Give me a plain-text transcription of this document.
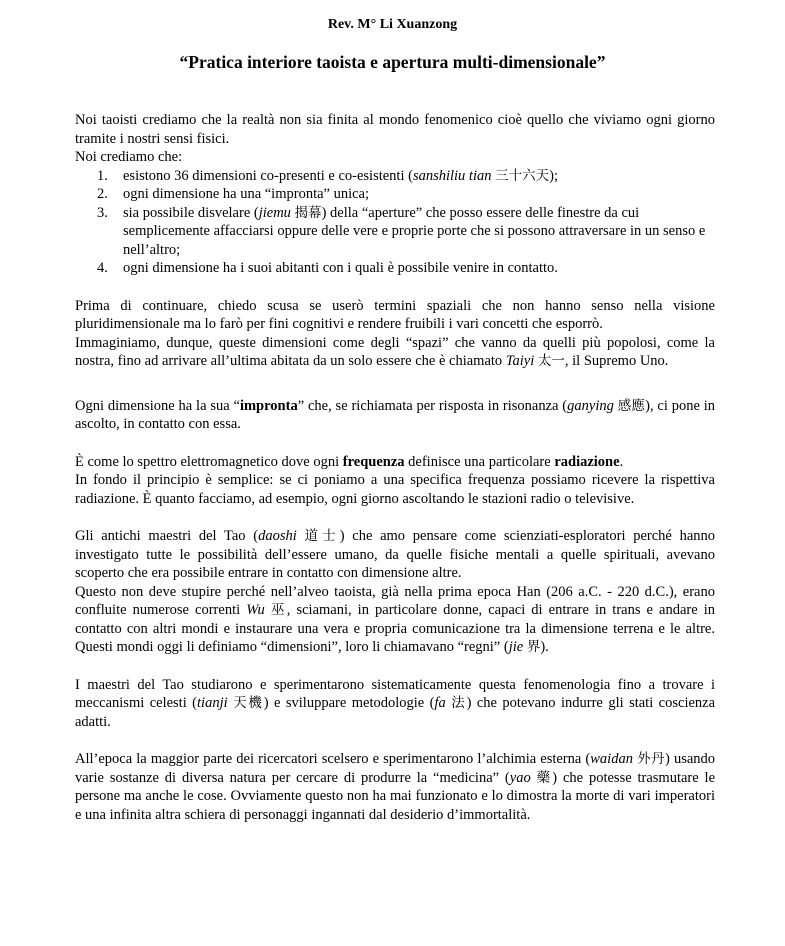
Rev. M° Li Xuanzong
“Pratica interiore taoista e apertura multi-dimensionale”

Noi taoisti crediamo che la realtà non sia finita al mondo fenomenico cioè quello che viviamo ogni giorno tramite i nostri sensi fisici.
Noi crediamo che:

1. esistono 36 dimensioni co-presenti e co-esistenti (sanshiliu tian 三十六天);
2. ogni dimensione ha una “impronta” unica;
3. sia possibile disvelare (jiemu 揭幕) della “aperture” che posso essere delle finestre da cui semplicemente affacciarsi oppure delle vere e proprie porte che si possono attraversare in un senso e nell’altro;
4. ogni dimensione ha i suoi abitanti con i quali è possibile venire in contatto.

Prima di continuare, chiedo scusa se userò termini spaziali che non hanno senso nella visione pluridimensionale ma lo farò per fini cognitivi e rendere fruibili i vari concetti che esporrò.
Immaginiamo, dunque, queste dimensioni come degli “spazi” che vanno da quelli più popolosi, come la nostra, fino ad arrivare all’ultima abitata da un solo essere che è chiamato Taiyi 太一, il Supremo Uno.

Ogni dimensione ha la sua “impronta” che, se richiamata per risposta in risonanza (ganying 感應), ci pone in ascolto, in contatto con essa.

È come lo spettro elettromagnetico dove ogni frequenza definisce una particolare radiazione.
In fondo il principio è semplice: se ci poniamo a una specifica frequenza possiamo ricevere la rispettiva radiazione. È quanto facciamo, ad esempio, ogni giorno ascoltando le stazioni radio o televisive.

Gli antichi maestri del Tao (daoshi 道士) che amo pensare come scienziati-esploratori perché hanno investigato tutte le possibilità dell’essere umano, da quelle fisiche mentali a quelle spirituali, avevano scoperto che era possibile entrare in contatto con dimensione altre.
Questo non deve stupire perché nell’alveo taoista, già nella prima epoca Han (206 a.C. - 220 d.C.), erano confluite numerose correnti Wu 巫, sciamani, in particolare donne, capaci di entrare in trans e andare in contatto con altri mondi e instaurare una vera e propria comunicazione tra la dimensione terrena e le altre. Questi mondi oggi li definiamo “dimensioni”, loro li chiamavano “regni” (jie 界).

I maestri del Tao studiarono e sperimentarono sistematicamente questa fenomenologia fino a trovare i meccanismi celesti (tianji 天機) e sviluppare metodologie (fa 法) che potevano indurre gli stati coscienza adatti.

All’epoca la maggior parte dei ricercatori scelsero e sperimentarono l’alchimia esterna (waidan 外丹) usando varie sostanze di diversa natura per cercare di produrre la “medicina” (yao 藥) che potesse trasmutare le persone ma anche le cose. Ovviamente questo non ha mai funzionato e lo dimostra la morte di vari imperatori e una infinita altra schiera di personaggi ingannati dal desiderio d’immortalità.
